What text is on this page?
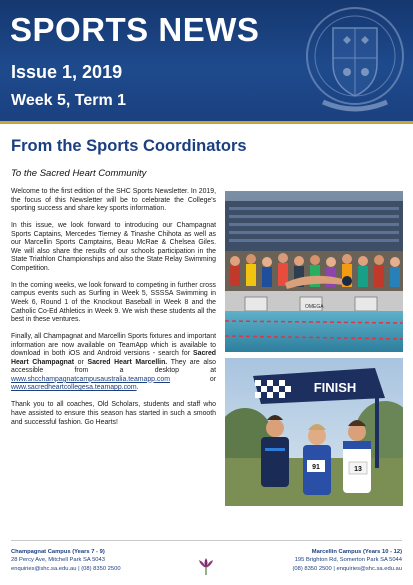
SPORTS NEWS
Issue 1, 2019
Week 5, Term 1
From the Sports Coordinators
To the Sacred Heart Community

Welcome to the first edition of the SHC Sports Newsletter. In 2019, the focus of this Newsletter will be to celebrate the College's sporting success and share key sports information.

In this issue, we look forward to introducing our Champagnat Sports Captains, Mercedes Tierney & Tinashe Chihota as well as our Marcellin Sports Camptains, Beau McRae & Chelsea Giles. We will also share the results of our schools participation in the State Triathlon Championships and also the State Relay Swimming Competition.

In the coming weeks, we look forward to competing in further cross campus events such as Surfing in Week 5, SSSSA Swimming in Week 6, Round 1 of the Knockout Baseball in Week 8 and the Catholic Co-Ed Athletics in Week 9. We wish these students all the best in these ventures.

Finally, all Champagnat and Marcellin Sports fixtures and important information are now available on TeamApp which is available to download in both iOS and Android versions - search for Sacred Heart Champagnat or Sacred Heart Marcellin. They are also accessible from a desktop at www.shcchampagnatcampusaustralia.teamapp.com or www.sacredheartcollegesa.teamapp.com.

Thank you to all coaches, Old Scholars, students and staff who have assisted to ensure this season has started in such a smooth and successful fashion. Go Hearts!

OMEGA
FINISH
91	13
Champagnat Campus (Years 7 - 9)
28 Percy Ave, Mitchell Park SA 5043
enquiries@shc.sa.edu.au | (08) 8350 2500
Marcellin Campus (Years 10 - 12)
195 Brighton Rd, Somerton Park SA 5044
(08) 8350 2500 | enquiries@shc.sa.edu.au
